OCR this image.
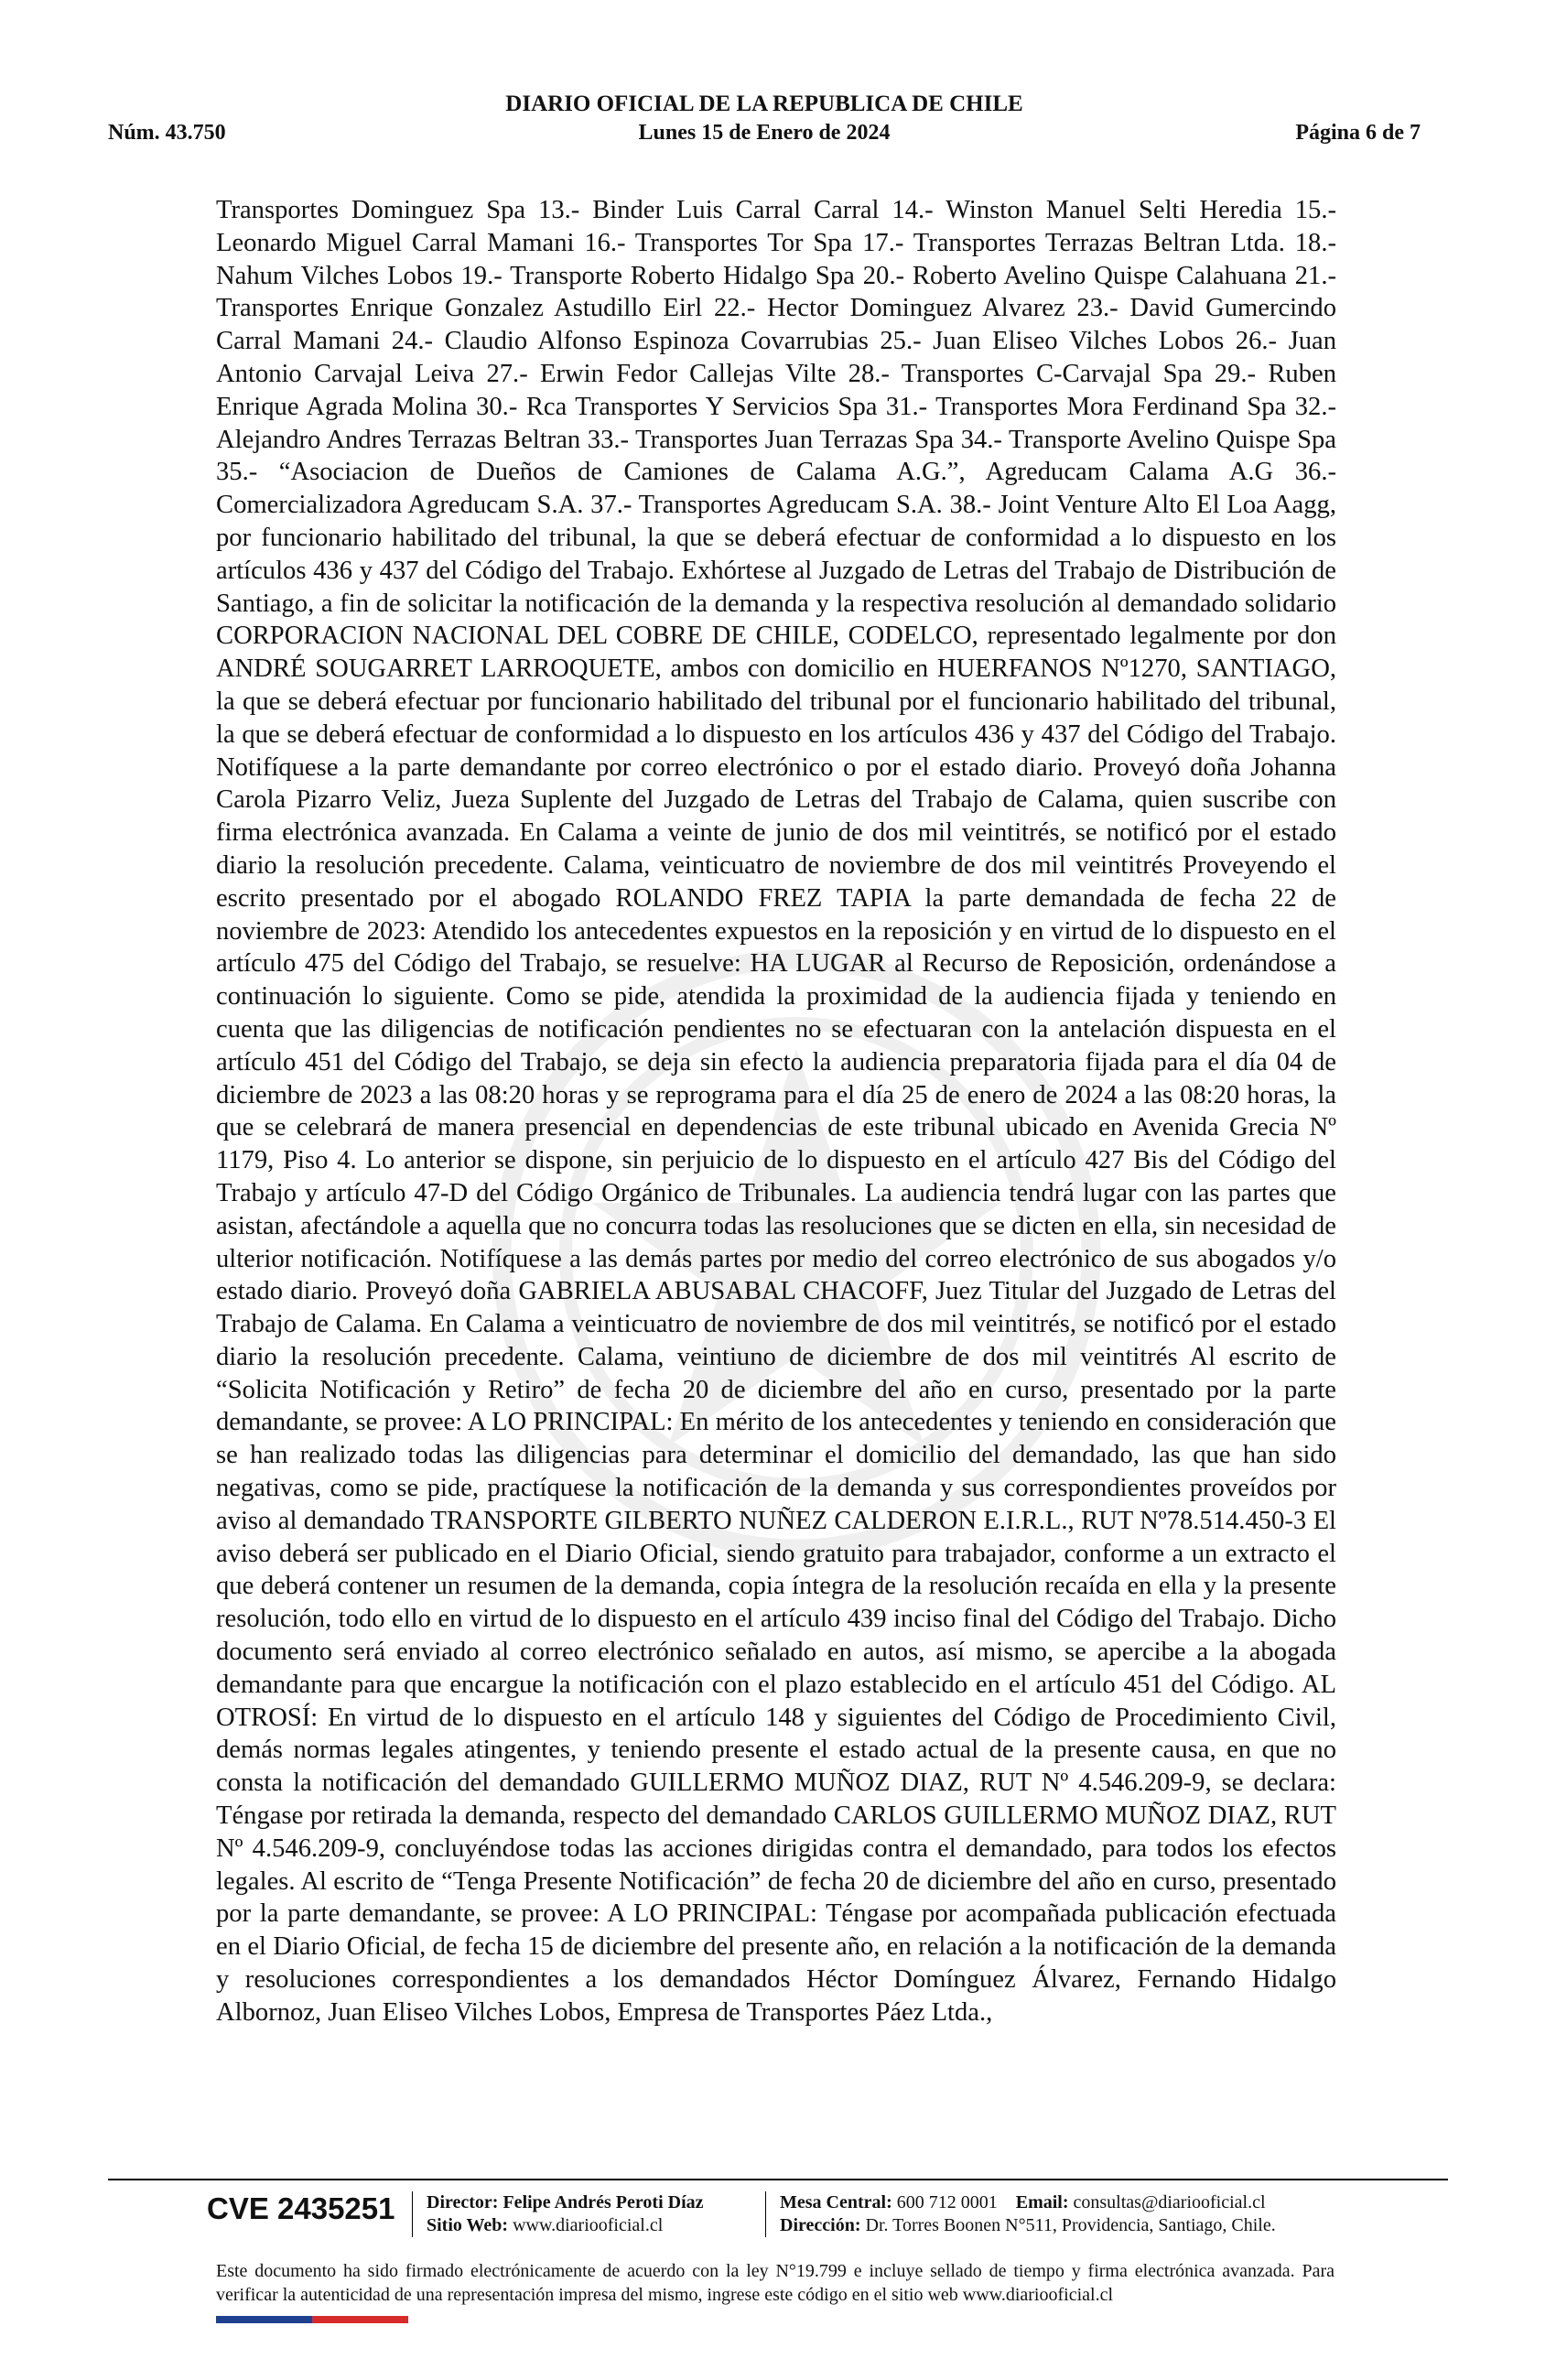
DIARIO OFICIAL DE LA REPUBLICA DE CHILE
Núm. 43.750	Lunes 15 de Enero de 2024	Página 6 de 7

Transportes Dominguez Spa 13.- Binder Luis Carral Carral 14.- Winston Manuel Selti Heredia 15.- Leonardo Miguel Carral Mamani 16.- Transportes Tor Spa 17.- Transportes Terrazas Beltran Ltda. 18.- Nahum Vilches Lobos 19.- Transporte Roberto Hidalgo Spa 20.- Roberto Avelino Quispe Calahuana 21.- Transportes Enrique Gonzalez Astudillo Eirl 22.- Hector Dominguez Alvarez 23.- David Gumercindo Carral Mamani 24.- Claudio Alfonso Espinoza Covarrubias 25.- Juan Eliseo Vilches Lobos 26.- Juan Antonio Carvajal Leiva 27.- Erwin Fedor Callejas Vilte 28.- Transportes C-Carvajal Spa 29.- Ruben Enrique Agrada Molina 30.- Rca Transportes Y Servicios Spa 31.- Transportes Mora Ferdinand Spa 32.- Alejandro Andres Terrazas Beltran 33.- Transportes Juan Terrazas Spa 34.- Transporte Avelino Quispe Spa 35.- “Asociacion de Dueños de Camiones de Calama A.G.”, Agreducam Calama A.G 36.- Comercializadora Agreducam S.A. 37.- Transportes Agreducam S.A. 38.- Joint Venture Alto El Loa Aagg, por funcionario habilitado del tribunal, la que se deberá efectuar de conformidad a lo dispuesto en los artículos 436 y 437 del Código del Trabajo. Exhórtese al Juzgado de Letras del Trabajo de Distribución de Santiago, a fin de solicitar la notificación de la demanda y la respectiva resolución al demandado solidario CORPORACION NACIONAL DEL COBRE DE CHILE, CODELCO, representado legalmente por don ANDRÉ SOUGARRET LARROQUETE, ambos con domicilio en HUERFANOS Nº1270, SANTIAGO, la que se deberá efectuar por funcionario habilitado del tribunal por el funcionario habilitado del tribunal, la que se deberá efectuar de conformidad a lo dispuesto en los artículos 436 y 437 del Código del Trabajo. Notifíquese a la parte demandante por correo electrónico o por el estado diario. Proveyó doña Johanna Carola Pizarro Veliz, Jueza Suplente del Juzgado de Letras del Trabajo de Calama, quien suscribe con firma electrónica avanzada. En Calama a veinte de junio de dos mil veintitrés, se notificó por el estado diario la resolución precedente. Calama, veinticuatro de noviembre de dos mil veintitrés Proveyendo el escrito presentado por el abogado ROLANDO FREZ TAPIA la parte demandada de fecha 22 de noviembre de 2023: Atendido los antecedentes expuestos en la reposición y en virtud de lo dispuesto en el artículo 475 del Código del Trabajo, se resuelve: HA LUGAR al Recurso de Reposición, ordenándose a continuación lo siguiente. Como se pide, atendida la proximidad de la audiencia fijada y teniendo en cuenta que las diligencias de notificación pendientes no se efectuaran con la antelación dispuesta en el artículo 451 del Código del Trabajo, se deja sin efecto la audiencia preparatoria fijada para el día 04 de diciembre de 2023 a las 08:20 horas y se reprograma para el día 25 de enero de 2024 a las 08:20 horas, la que se celebrará de manera presencial en dependencias de este tribunal ubicado en Avenida Grecia Nº 1179, Piso 4. Lo anterior se dispone, sin perjuicio de lo dispuesto en el artículo 427 Bis del Código del Trabajo y artículo 47-D del Código Orgánico de Tribunales. La audiencia tendrá lugar con las partes que asistan, afectándole a aquella que no concurra todas las resoluciones que se dicten en ella, sin necesidad de ulterior notificación. Notifíquese a las demás partes por medio del correo electrónico de sus abogados y/o estado diario. Proveyó doña GABRIELA ABUSABAL CHACOFF, Juez Titular del Juzgado de Letras del Trabajo de Calama. En Calama a veinticuatro de noviembre de dos mil veintitrés, se notificó por el estado diario la resolución precedente. Calama, veintiuno de diciembre de dos mil veintitrés Al escrito de “Solicita Notificación y Retiro” de fecha 20 de diciembre del año en curso, presentado por la parte demandante, se provee: A LO PRINCIPAL: En mérito de los antecedentes y teniendo en consideración que se han realizado todas las diligencias para determinar el domicilio del demandado, las que han sido negativas, como se pide, practíquese la notificación de la demanda y sus correspondientes proveídos por aviso al demandado TRANSPORTE GILBERTO NUÑEZ CALDERON E.I.R.L., RUT Nº78.514.450-3 El aviso deberá ser publicado en el Diario Oficial, siendo gratuito para trabajador, conforme a un extracto el que deberá contener un resumen de la demanda, copia íntegra de la resolución recaída en ella y la presente resolución, todo ello en virtud de lo dispuesto en el artículo 439 inciso final del Código del Trabajo. Dicho documento será enviado al correo electrónico señalado en autos, así mismo, se apercibe a la abogada demandante para que encargue la notificación con el plazo establecido en el artículo 451 del Código. AL OTROSÍ: En virtud de lo dispuesto en el artículo 148 y siguientes del Código de Procedimiento Civil, demás normas legales atingentes, y teniendo presente el estado actual de la presente causa, en que no consta la notificación del demandado GUILLERMO MUÑOZ DIAZ, RUT Nº 4.546.209-9, se declara: Téngase por retirada la demanda, respecto del demandado CARLOS GUILLERMO MUÑOZ DIAZ, RUT Nº 4.546.209-9, concluyéndose todas las acciones dirigidas contra el demandado, para todos los efectos legales. Al escrito de “Tenga Presente Notificación” de fecha 20 de diciembre del año en curso, presentado por la parte demandante, se provee: A LO PRINCIPAL: Téngase por acompañada publicación efectuada en el Diario Oficial, de fecha 15 de diciembre del presente año, en relación a la notificación de la demanda y resoluciones correspondientes a los demandados Héctor Domínguez Álvarez, Fernando Hidalgo Albornoz, Juan Eliseo Vilches Lobos, Empresa de Transportes Páez Ltda.,

CVE 2435251 Director: Felipe Andrés Peroti Díaz
Sitio Web: www.diariooficial.cl
Mesa Central: 600 712 0001 Email: consultas@diariooficial.cl
Dirección: Dr. Torres Boonen N°511, Providencia, Santiago, Chile.
Este documento ha sido firmado electrónicamente de acuerdo con la ley N°19.799 e incluye sellado de tiempo y firma electrónica avanzada. Para verificar la autenticidad de una representación impresa del mismo, ingrese este código en el sitio web www.diariooficial.cl
